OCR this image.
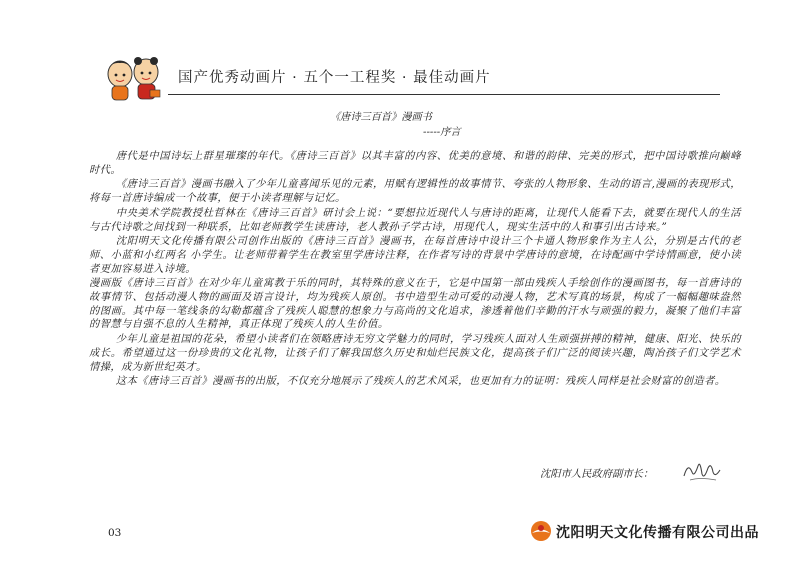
国产优秀动画片 · 五个一工程奖 · 最佳动画片
《唐诗三百首》漫画书
-----序言

唐代是中国诗坛上群星璀璨的年代。《唐诗三百首》以其丰富的内容、优美的意境、和谐的韵律、完美的形式，把中国诗歌推向巅峰时代。

《唐诗三百首》漫画书融入了少年儿童喜闻乐见的元素，用赋有逻辑性的故事情节、夸张的人物形象、生动的语言,漫画的表现形式，将每一首唐诗编成一个故事，便于小读者理解与记忆。

中央美术学院教授杜哲林在《唐诗三百首》研讨会上说：“要想拉近现代人与唐诗的距离，让现代人能看下去，就要在现代人的生活与古代诗歌之间找到一种联系，比如老师教学生读唐诗，老人教孙子学古诗，用现代人，现实生活中的人和事引出古诗来。”

沈阳明天文化传播有限公司创作出版的《唐诗三百首》漫画书，在每首唐诗中设计三个卡通人物形象作为主人公，分别是古代的老师、小蓝和小红两名 小学生。让老师带着学生在教室里学唐诗注释，在作者写诗的背景中学唐诗的意境，在诗配画中学诗情画意，使小读者更加容易进入诗境。

漫画版《唐诗三百首》在对少年儿童寓教于乐的同时，其特殊的意义在于，它是中国第一部由残疾人手绘创作的漫画图书，每一首唐诗的故事情节、包括动漫人物的画面及语言设计，均为残疾人原创。书中造型生动可爱的动漫人物，艺术写真的场景，构成了一幅幅趣味盎然的图画。其中每一笔线条的勾勒都蕴含了残疾人聪慧的想象力与高尚的文化追求，渗透着他们辛勤的汗水与顽强的毅力，凝聚了他们丰富的智慧与自强不息的人生精神，真正体现了残疾人的人生价值。

少年儿童是祖国的花朵，希望小读者们在领略唐诗无穷文学魅力的同时，学习残疾人面对人生顽强拼搏的精神，健康、阳光、快乐的成长。希望通过这一份珍贵的文化礼物，让孩子们了解我国悠久历史和灿烂民族文化，提高孩子们广泛的阅读兴趣，陶冶孩子们文学艺术情操，成为新世纪英才。

这本《唐诗三百首》漫画书的出版，不仅充分地展示了残疾人的艺术风采，也更加有力的证明：残疾人同样是社会财富的创造者。

沈阳市人民政府副市长：
03	沈阳明天文化传播有限公司出品
